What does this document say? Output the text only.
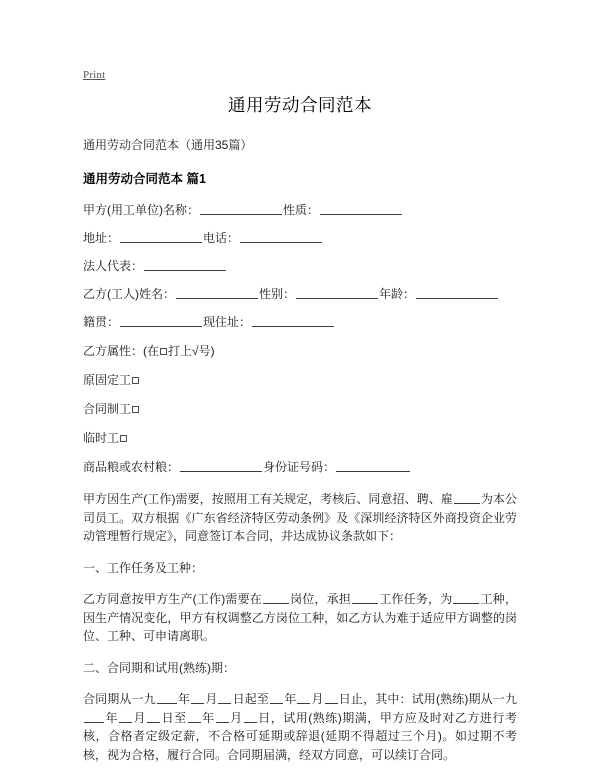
Print
通用劳动合同范本

通用劳动合同范本（通用35篇）

通用劳动合同范本 篇1

甲方(用工单位)名称：	性质：
地址：	电话：
法人代表：
乙方(工人)姓名：	性别：	年龄：
籍贯：	现住址：
乙方属性：(在 打上√号)
原固定工
合同制工
临时工
商品粮或农村粮：	身份证号码：

甲方因生产(工作)需要，按照用工有关规定，考核后、同意招、聘、雇 为本公司员工。双方根据《广东省经济特区劳动条例》及《深圳经济特区外商投资企业劳动管理暂行规定》，同意签订本合同，并达成协议条款如下：

一、工作任务及工种：

乙方同意按甲方生产(工作)需要在 岗位，承担 工作任务，为 工种，因生产情况变化，甲方有权调整乙方岗位工种，如乙方认为难于适应甲方调整的岗位、工种、可申请离职。

二、合同期和试用(熟练)期：

合同期从一九 年 月 日起至 年 月 日止，其中：试用(熟练)期从一九年 月 日至 年 月 日，试用(熟练)期满，甲方应及时对乙方进行考核，合格者定级定薪，不合格可延期或辞退(延期不得超过三个月)。如过期不考核，视为合格，履行合同。合同期届满，经双方同意，可以续订合同。
